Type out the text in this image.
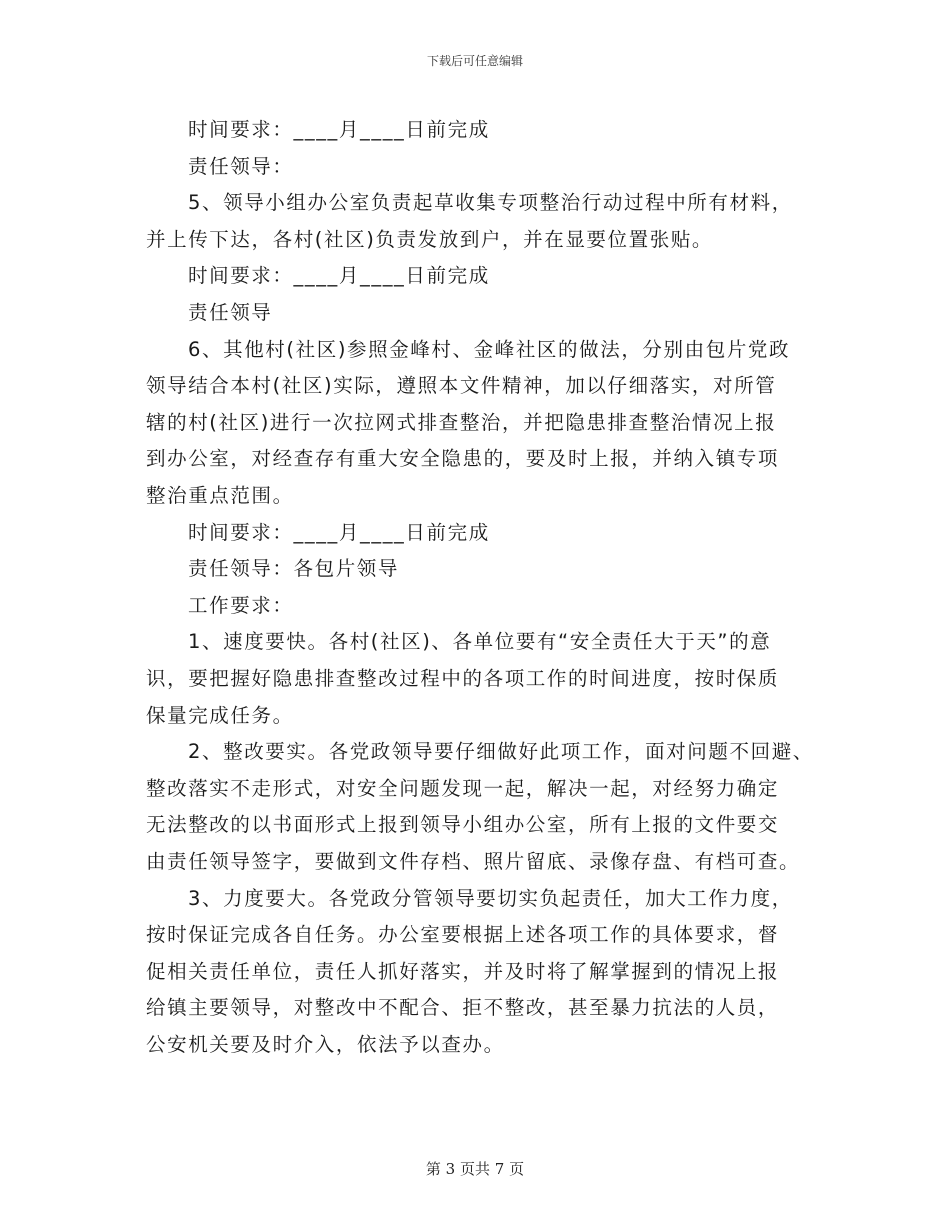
下载后可任意编辑
时间要求：____月____日前完成
责任领导：
5、领导小组办公室负责起草收集专项整治行动过程中所有材料，
并上传下达，各村(社区)负责发放到户，并在显要位置张贴。
时间要求：____月____日前完成
责任领导
6、其他村(社区)参照金峰村、金峰社区的做法，分别由包片党政
领导结合本村(社区)实际，遵照本文件精神，加以仔细落实，对所管
辖的村(社区)进行一次拉网式排查整治，并把隐患排查整治情况上报
到办公室，对经查存有重大安全隐患的，要及时上报，并纳入镇专项
整治重点范围。
时间要求：____月____日前完成
责任领导：各包片领导
工作要求：
1、速度要快。各村(社区)、各单位要有“安全责任大于天”的意
识，要把握好隐患排查整改过程中的各项工作的时间进度，按时保质
保量完成任务。
2、整改要实。各党政领导要仔细做好此项工作，面对问题不回避、
整改落实不走形式，对安全问题发现一起，解决一起，对经努力确定
无法整改的以书面形式上报到领导小组办公室，所有上报的文件要交
由责任领导签字，要做到文件存档、照片留底、录像存盘、有档可查。
3、力度要大。各党政分管领导要切实负起责任，加大工作力度，
按时保证完成各自任务。办公室要根据上述各项工作的具体要求，督
促相关责任单位，责任人抓好落实，并及时将了解掌握到的情况上报
给镇主要领导，对整改中不配合、拒不整改，甚至暴力抗法的人员，
公安机关要及时介入，依法予以查办。
第 3 页共 7 页
